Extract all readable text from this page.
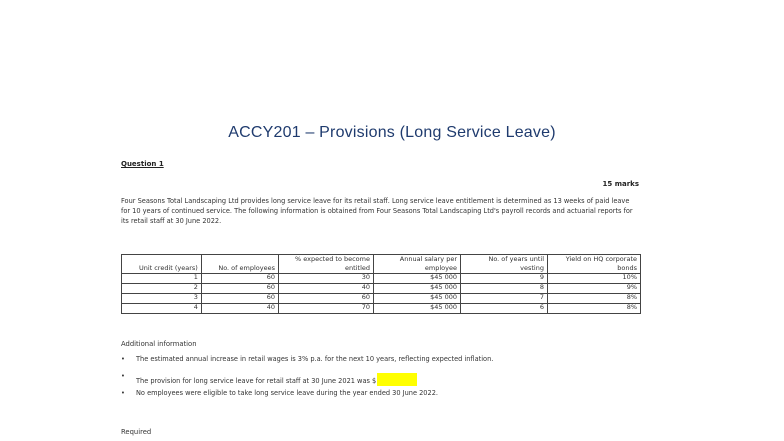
ACCY201 – Provisions (Long Service Leave)
Question 1
15 marks
Four Seasons Total Landscaping Ltd provides long service leave for its retail staff. Long service leave entitlement is determined as 13 weeks of paid leave for 10 years of continued service. The following information is obtained from Four Seasons Total Landscaping Ltd's payroll records and actuarial reports for its retail staff at 30 June 2022.
Unit credit (years)	No. of employees	% expected to become entitled	Annual salary per employee	No. of years until vesting	Yield on HQ corporate bonds
1	60	30	$45 000	9	10%
2	60	40	$45 000	8	9%
3	60	60	$45 000	7	8%
4	40	70	$45 000	6	8%
Additional information
• The estimated annual increase in retail wages is 3% p.a. for the next 10 years, reflecting expected inflation.
•
The provision for long service leave for retail staff at 30 June 2021 was $
• No employees were eligible to take long service leave during the year ended 30 June 2022.
Required
